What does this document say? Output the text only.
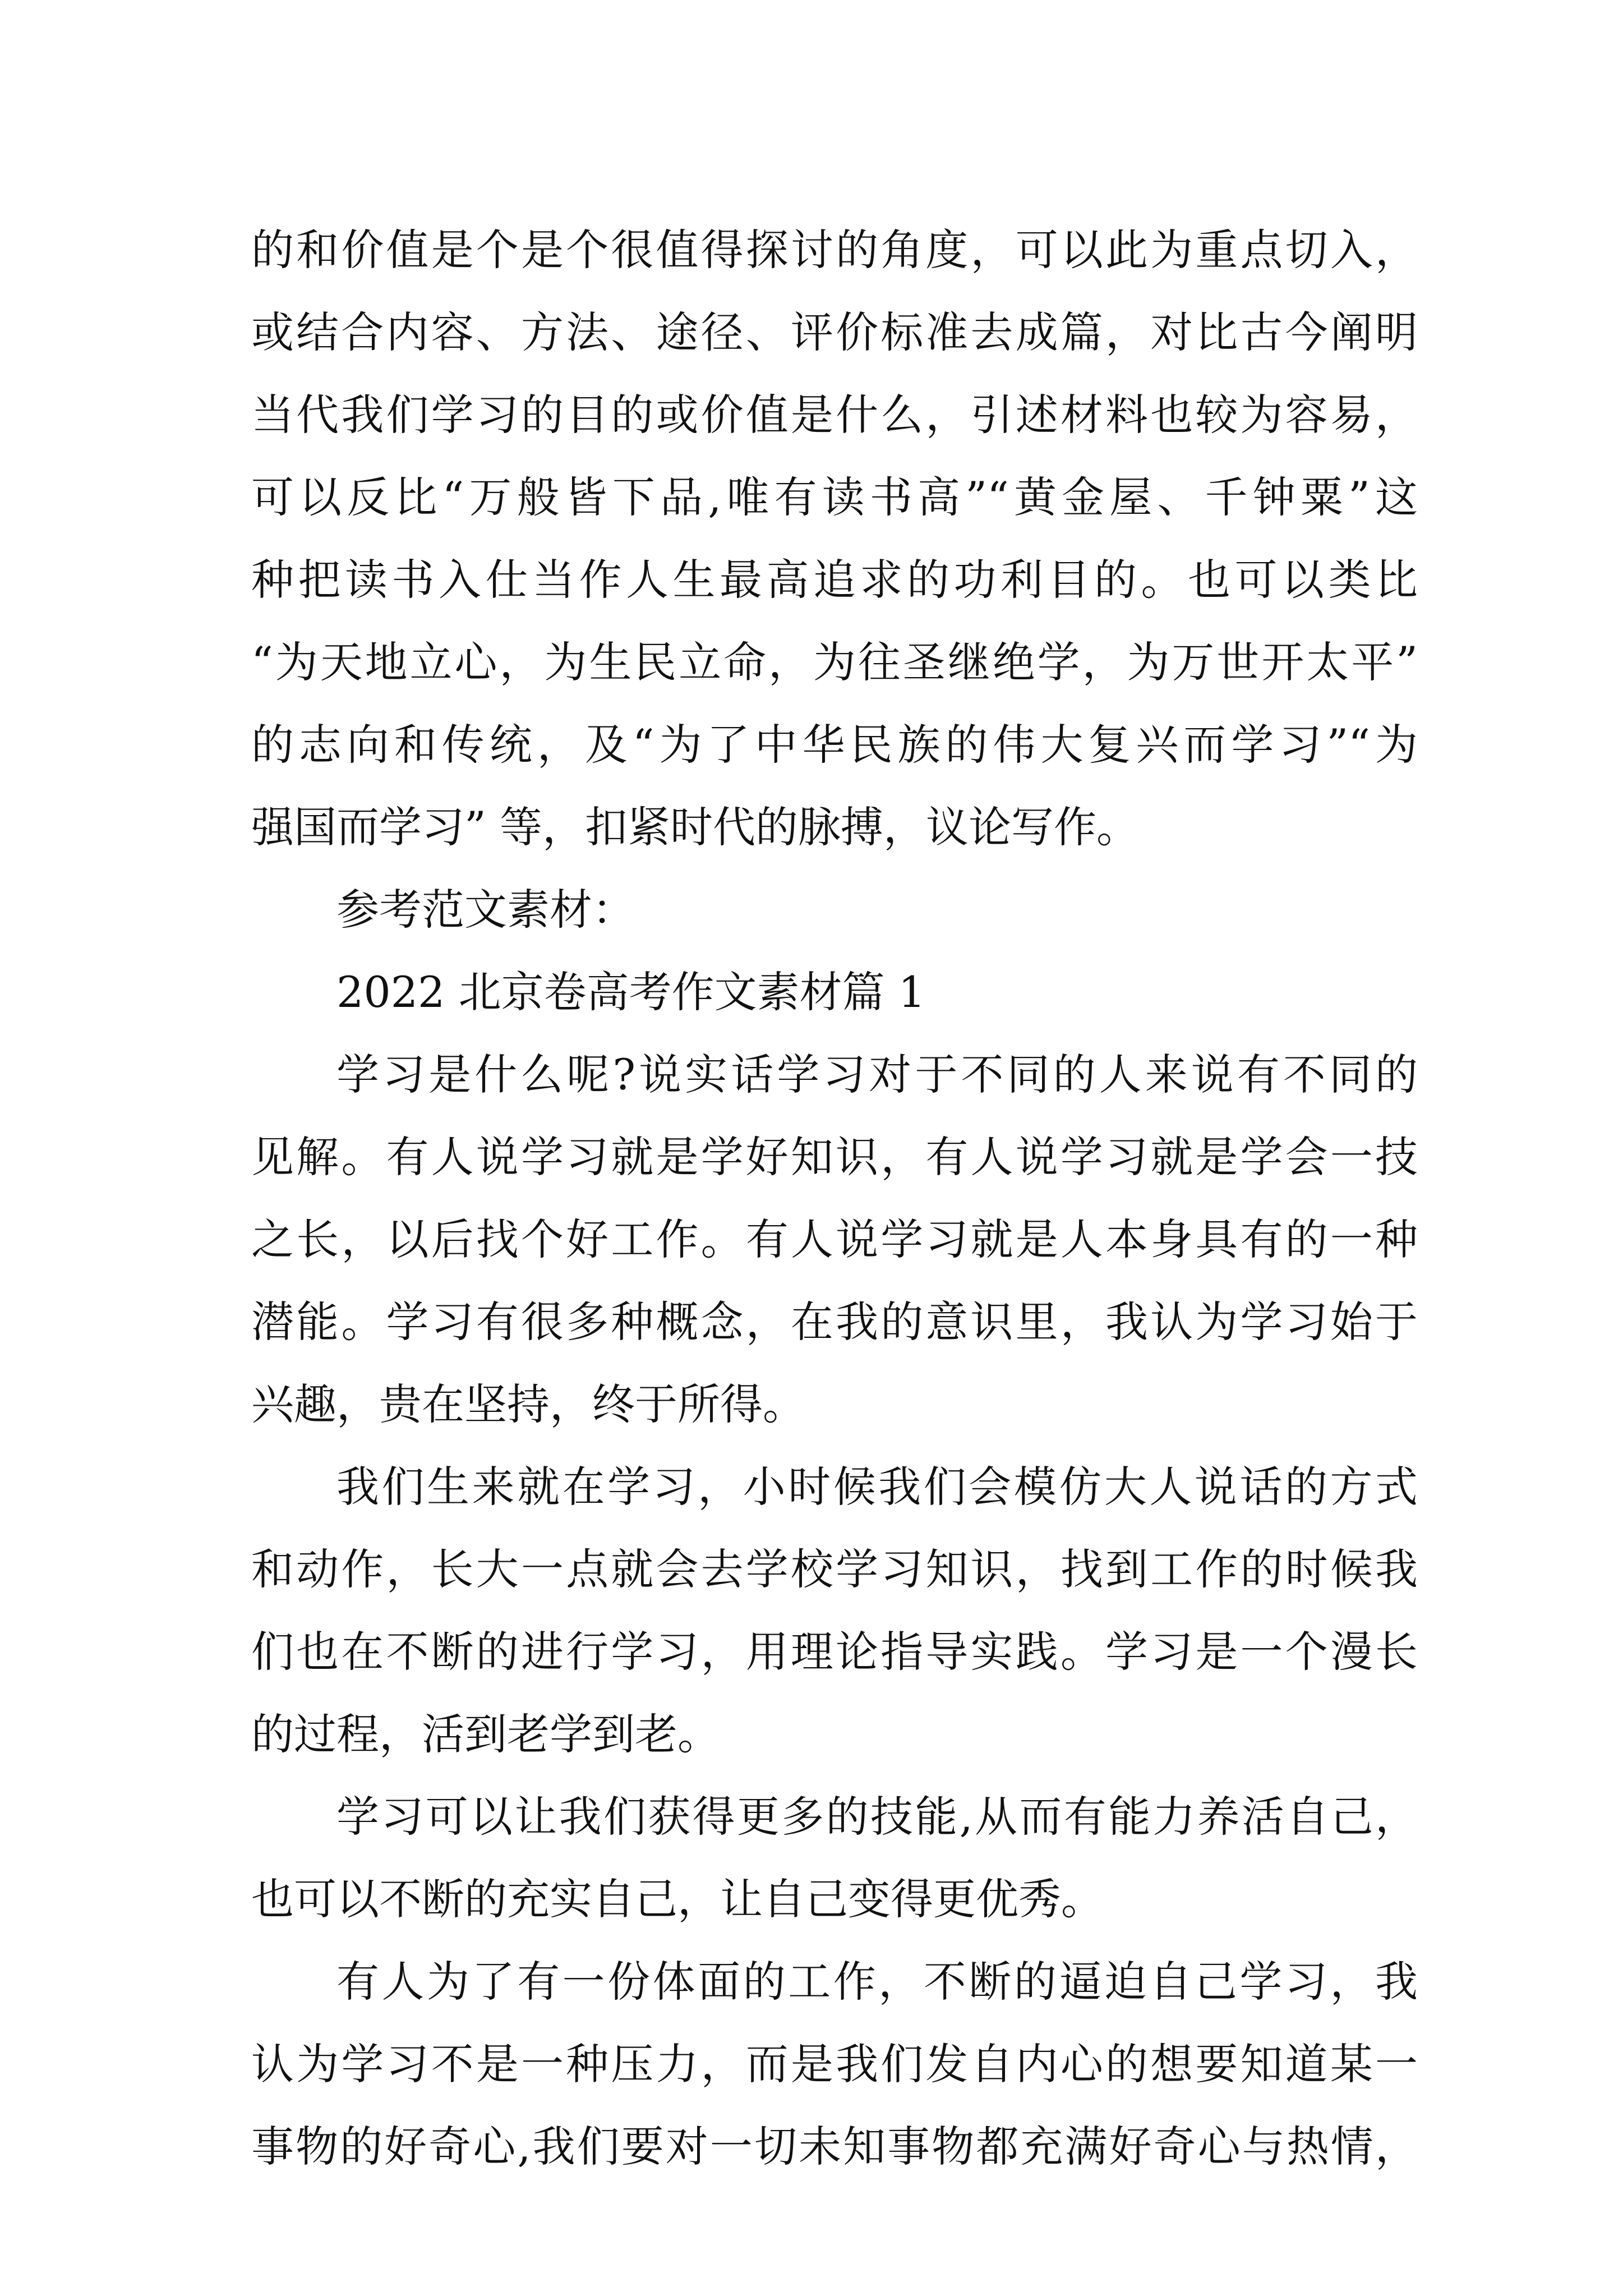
的和价值是个是个很值得探讨的角度，可以此为重点切入，
或结合内容、方法、途径、评价标准去成篇，对比古今阐明
当代我们学习的目的或价值是什么，引述材料也较为容易，
可以反比“万般皆下品,唯有读书高”“黄金屋、千钟粟”这
种把读书入仕当作人生最高追求的功利目的。也可以类比
“为天地立心，为生民立命，为往圣继绝学，为万世开太平”
的志向和传统，及“为了中华民族的伟大复兴而学习”“为
强国而学习” 等，扣紧时代的脉搏，议论写作。
参考范文素材：
2022 北京卷高考作文素材篇 1
学习是什么呢?说实话学习对于不同的人来说有不同的
见解。有人说学习就是学好知识，有人说学习就是学会一技
之长，以后找个好工作。有人说学习就是人本身具有的一种
潜能。学习有很多种概念，在我的意识里，我认为学习始于
兴趣，贵在坚持，终于所得。
我们生来就在学习，小时候我们会模仿大人说话的方式
和动作，长大一点就会去学校学习知识，找到工作的时候我
们也在不断的进行学习，用理论指导实践。学习是一个漫长
的过程，活到老学到老。
学习可以让我们获得更多的技能,从而有能力养活自己，
也可以不断的充实自己，让自己变得更优秀。
有人为了有一份体面的工作，不断的逼迫自己学习，我
认为学习不是一种压力，而是我们发自内心的想要知道某一
事物的好奇心,我们要对一切未知事物都充满好奇心与热情，
